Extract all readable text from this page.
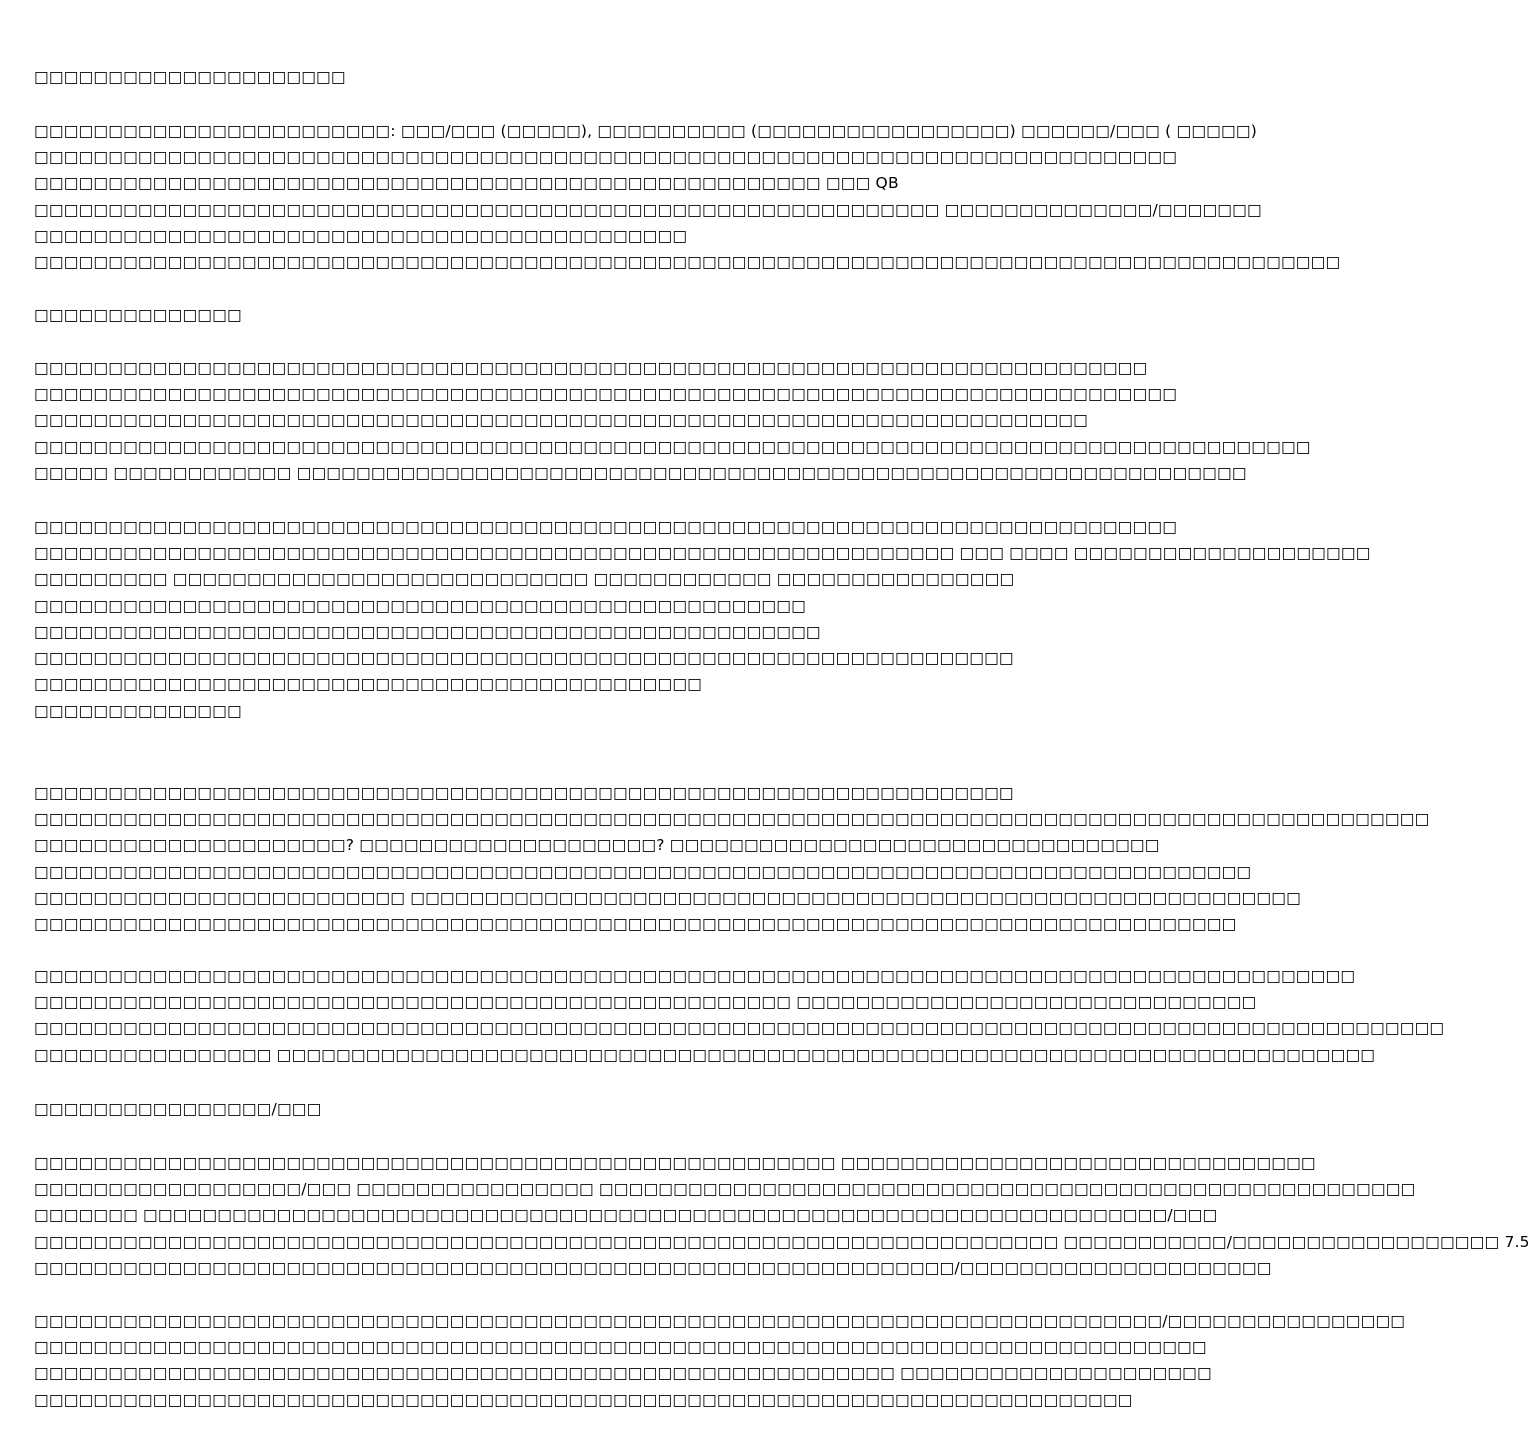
□□□□□□□□□□□□□□□□□□□□□
□□□□□□□□□□□□□□□□□□□□□□□□: □□□/□□□ (□□□□□), □□□□□□□□□□ (□□□□□□□□□□□□□□□□□) □□□□□□/□□□ ( □□□□□)
□□□□□□□□□□□□□□□□□□□□□□□□□□□□□□□□□□□□□□□□□□□□□□□□□□□□□□□□□□□□□□□□□□□□□□□□□□□□□
□□□□□□□□□□□□□□□□□□□□□□□□□□□□□□□□□□□□□□□□□□□□□□□□□□□□□ □□□ QB
□□□□□□□□□□□□□□□□□□□□□□□□□□□□□□□□□□□□□□□□□□□□□□□□□□□□□□□□□□□□□ □□□□□□□□□□□□□□/□□□□□□□
□□□□□□□□□□□□□□□□□□□□□□□□□□□□□□□□□□□□□□□□□□□□
□□□□□□□□□□□□□□□□□□□□□□□□□□□□□□□□□□□□□□□□□□□□□□□□□□□□□□□□□□□□□□□□□□□□□□□□□□□□□□□□□□□□□□□□
□□□□□□□□□□□□□□
□□□□□□□□□□□□□□□□□□□□□□□□□□□□□□□□□□□□□□□□□□□□□□□□□□□□□□□□□□□□□□□□□□□□□□□□□□□
□□□□□□□□□□□□□□□□□□□□□□□□□□□□□□□□□□□□□□□□□□□□□□□□□□□□□□□□□□□□□□□□□□□□□□□□□□□□□
□□□□□□□□□□□□□□□□□□□□□□□□□□□□□□□□□□□□□□□□□□□□□□□□□□□□□□□□□□□□□□□□□□□□□□□
□□□□□□□□□□□□□□□□□□□□□□□□□□□□□□□□□□□□□□□□□□□□□□□□□□□□□□□□□□□□□□□□□□□□□□□□□□□□□□□□□□□□□□
□□□□□ □□□□□□□□□□□□ □□□□□□□□□□□□□□□□□□□□□□□□□□□□□□□□□□□□□□□□□□□□□□□□□□□□□□□□□□□□□□□□
□□□□□□□□□□□□□□□□□□□□□□□□□□□□□□□□□□□□□□□□□□□□□□□□□□□□□□□□□□□□□□□□□□□□□□□□□□□□□
□□□□□□□□□□□□□□□□□□□□□□□□□□□□□□□□□□□□□□□□□□□□□□□□□□□□□□□□□□□□□□ □□□ □□□□ □□□□□□□□□□□□□□□□□□□□
□□□□□□□□□ □□□□□□□□□□□□□□□□□□□□□□□□□□□□ □□□□□□□□□□□□ □□□□□□□□□□□□□□□□
□□□□□□□□□□□□□□□□□□□□□□□□□□□□□□□□□□□□□□□□□□□□□□□□□□□□
□□□□□□□□□□□□□□□□□□□□□□□□□□□□□□□□□□□□□□□□□□□□□□□□□□□□□
□□□□□□□□□□□□□□□□□□□□□□□□□□□□□□□□□□□□□□□□□□□□□□□□□□□□□□□□□□□□□□□□□□
□□□□□□□□□□□□□□□□□□□□□□□□□□□□□□□□□□□□□□□□□□□□□
□□□□□□□□□□□□□□
□□□□□□□□□□□□□□□□□□□□□□□□□□□□□□□□□□□□□□□□□□□□□□□□□□□□□□□□□□□□□□□□□□
□□□□□□□□□□□□□□□□□□□□□□□□□□□□□□□□□□□□□□□□□□□□□□□□□□□□□□□□□□□□□□□□□□□□□□□□□□□□□□□□□□□□□□□□□□□□□□
□□□□□□□□□□□□□□□□□□□□□? □□□□□□□□□□□□□□□□□□□□? □□□□□□□□□□□□□□□□□□□□□□□□□□□□□□□□□
□□□□□□□□□□□□□□□□□□□□□□□□□□□□□□□□□□□□□□□□□□□□□□□□□□□□□□□□□□□□□□□□□□□□□□□□□□□□□□□□□□
□□□□□□□□□□□□□□□□□□□□□□□□□ □□□□□□□□□□□□□□□□□□□□□□□□□□□□□□□□□□□□□□□□□□□□□□□□□□□□□□□□□□□□
□□□□□□□□□□□□□□□□□□□□□□□□□□□□□□□□□□□□□□□□□□□□□□□□□□□□□□□□□□□□□□□□□□□□□□□□□□□□□□□□□
□□□□□□□□□□□□□□□□□□□□□□□□□□□□□□□□□□□□□□□□□□□□□□□□□□□□□□□□□□□□□□□□□□□□□□□□□□□□□□□□□□□□□□□□□
□□□□□□□□□□□□□□□□□□□□□□□□□□□□□□□□□□□□□□□□□□□□□□□□□□□ □□□□□□□□□□□□□□□□□□□□□□□□□□□□□□□
□□□□□□□□□□□□□□□□□□□□□□□□□□□□□□□□□□□□□□□□□□□□□□□□□□□□□□□□□□□□□□□□□□□□□□□□□□□□□□□□□□□□□□□□□□□□□□□
□□□□□□□□□□□□□□□□ □□□□□□□□□□□□□□□□□□□□□□□□□□□□□□□□□□□□□□□□□□□□□□□□□□□□□□□□□□□□□□□□□□□□□□□□□□
□□□□□□□□□□□□□□□□/□□□
□□□□□□□□□□□□□□□□□□□□□□□□□□□□□□□□□□□□□□□□□□□□□□□□□□□□□□ □□□□□□□□□□□□□□□□□□□□□□□□□□□□□□□□
□□□□□□□□□□□□□□□□□□/□□□ □□□□□□□□□□□□□□□□ □□□□□□□□□□□□□□□□□□□□□□□□□□□□□□□□□□□□□□□□□□□□□□□□□□□□□□□
□□□□□□□ □□□□□□□□□□□□□□□□□□□□□□□□□□□□□□□□□□□□□□□□□□□□□□□□□□□□□□□□□□□□□□□□□□□□□/□□□
□□□□□□□□□□□□□□□□□□□□□□□□□□□□□□□□□□□□□□□□□□□□□□□□□□□□□□□□□□□□□□□□□□□□□ □□□□□□□□□□□/□□□□□□□□□□□□□□□□□□ 7.5
□□□□□□□□□□□□□□□□□□□□□□□□□□□□□□□□□□□□□□□□□□□□□□□□□□□□□□□□□□□□□□/□□□□□□□□□□□□□□□□□□□□□
□□□□□□□□□□□□□□□□□□□□□□□□□□□□□□□□□□□□□□□□□□□□□□□□□□□□□□□□□□□□□□□□□□□□□□□□□□□□/□□□□□□□□□□□□□□□□
□□□□□□□□□□□□□□□□□□□□□□□□□□□□□□□□□□□□□□□□□□□□□□□□□□□□□□□□□□□□□□□□□□□□□□□□□□□□□□□
□□□□□□□□□□□□□□□□□□□□□□□□□□□□□□□□□□□□□□□□□□□□□□□□□□□□□□□□□□ □□□□□□□□□□□□□□□□□□□□□
□□□□□□□□□□□□□□□□□□□□□□□□□□□□□□□□□□□□□□□□□□□□□□□□□□□□□□□□□□□□□□□□□□□□□□□□□□
